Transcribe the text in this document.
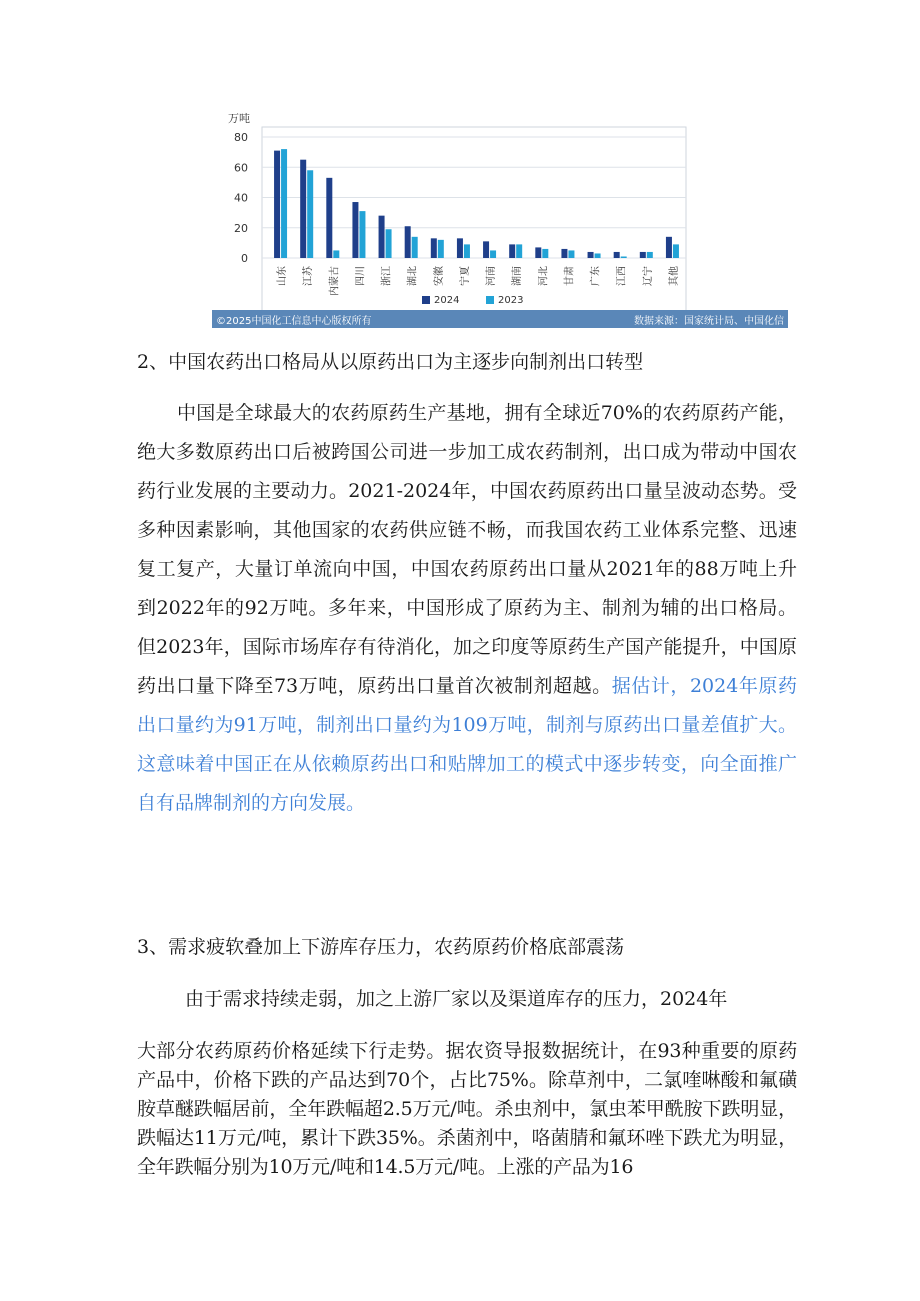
0
20
40
60
80
万吨
山东 江苏 内蒙古 四川 浙江 湖北 安徽 宁夏 河南 湖南 河北 甘肃 广东 江西 辽宁 其他
2024	2023
©2025中国化工信息中心版权所有	数据来源：国家统计局、中国化信
2、中国农药出口格局从以原药出口为主逐步向制剂出口转型
中国是全球最大的农药原药生产基地，拥有全球近70%的农药原药产能，绝大多数原药出口后被跨国公司进一步加工成农药制剂，出口成为带动中国农药行业发展的主要动力。2021-2024年，中国农药原药出口量呈波动态势。受多种因素影响，其他国家的农药供应链不畅，而我国农药工业体系完整、迅速复工复产，大量订单流向中国，中国农药原药出口量从2021年的88万吨上升到2022年的92万吨。多年来，中国形成了原药为主、制剂为辅的出口格局。但2023年，国际市场库存有待消化，加之印度等原药生产国产能提升，中国原药出口量下降至73万吨，原药出口量首次被制剂超越。据估计，2024年原药出口量约为91万吨，制剂出口量约为109万吨，制剂与原药出口量差值扩大。这意味着中国正在从依赖原药出口和贴牌加工的模式中逐步转变，向全面推广自有品牌制剂的方向发展。
3、需求疲软叠加上下游库存压力，农药原药价格底部震荡
由于需求持续走弱，加之上游厂家以及渠道库存的压力，2024年
大部分农药原药价格延续下行走势。据农资导报数据统计，在93种重要的原药产品中，价格下跌的产品达到70个，占比75%。除草剂中，二氯喹啉酸和氟磺胺草醚跌幅居前，全年跌幅超2.5万元/吨。杀虫剂中，氯虫苯甲酰胺下跌明显，跌幅达11万元/吨，累计下跌35%。杀菌剂中，咯菌腈和氟环唑下跌尤为明显，全年跌幅分别为10万元/吨和14.5万元/吨。上涨的产品为16
